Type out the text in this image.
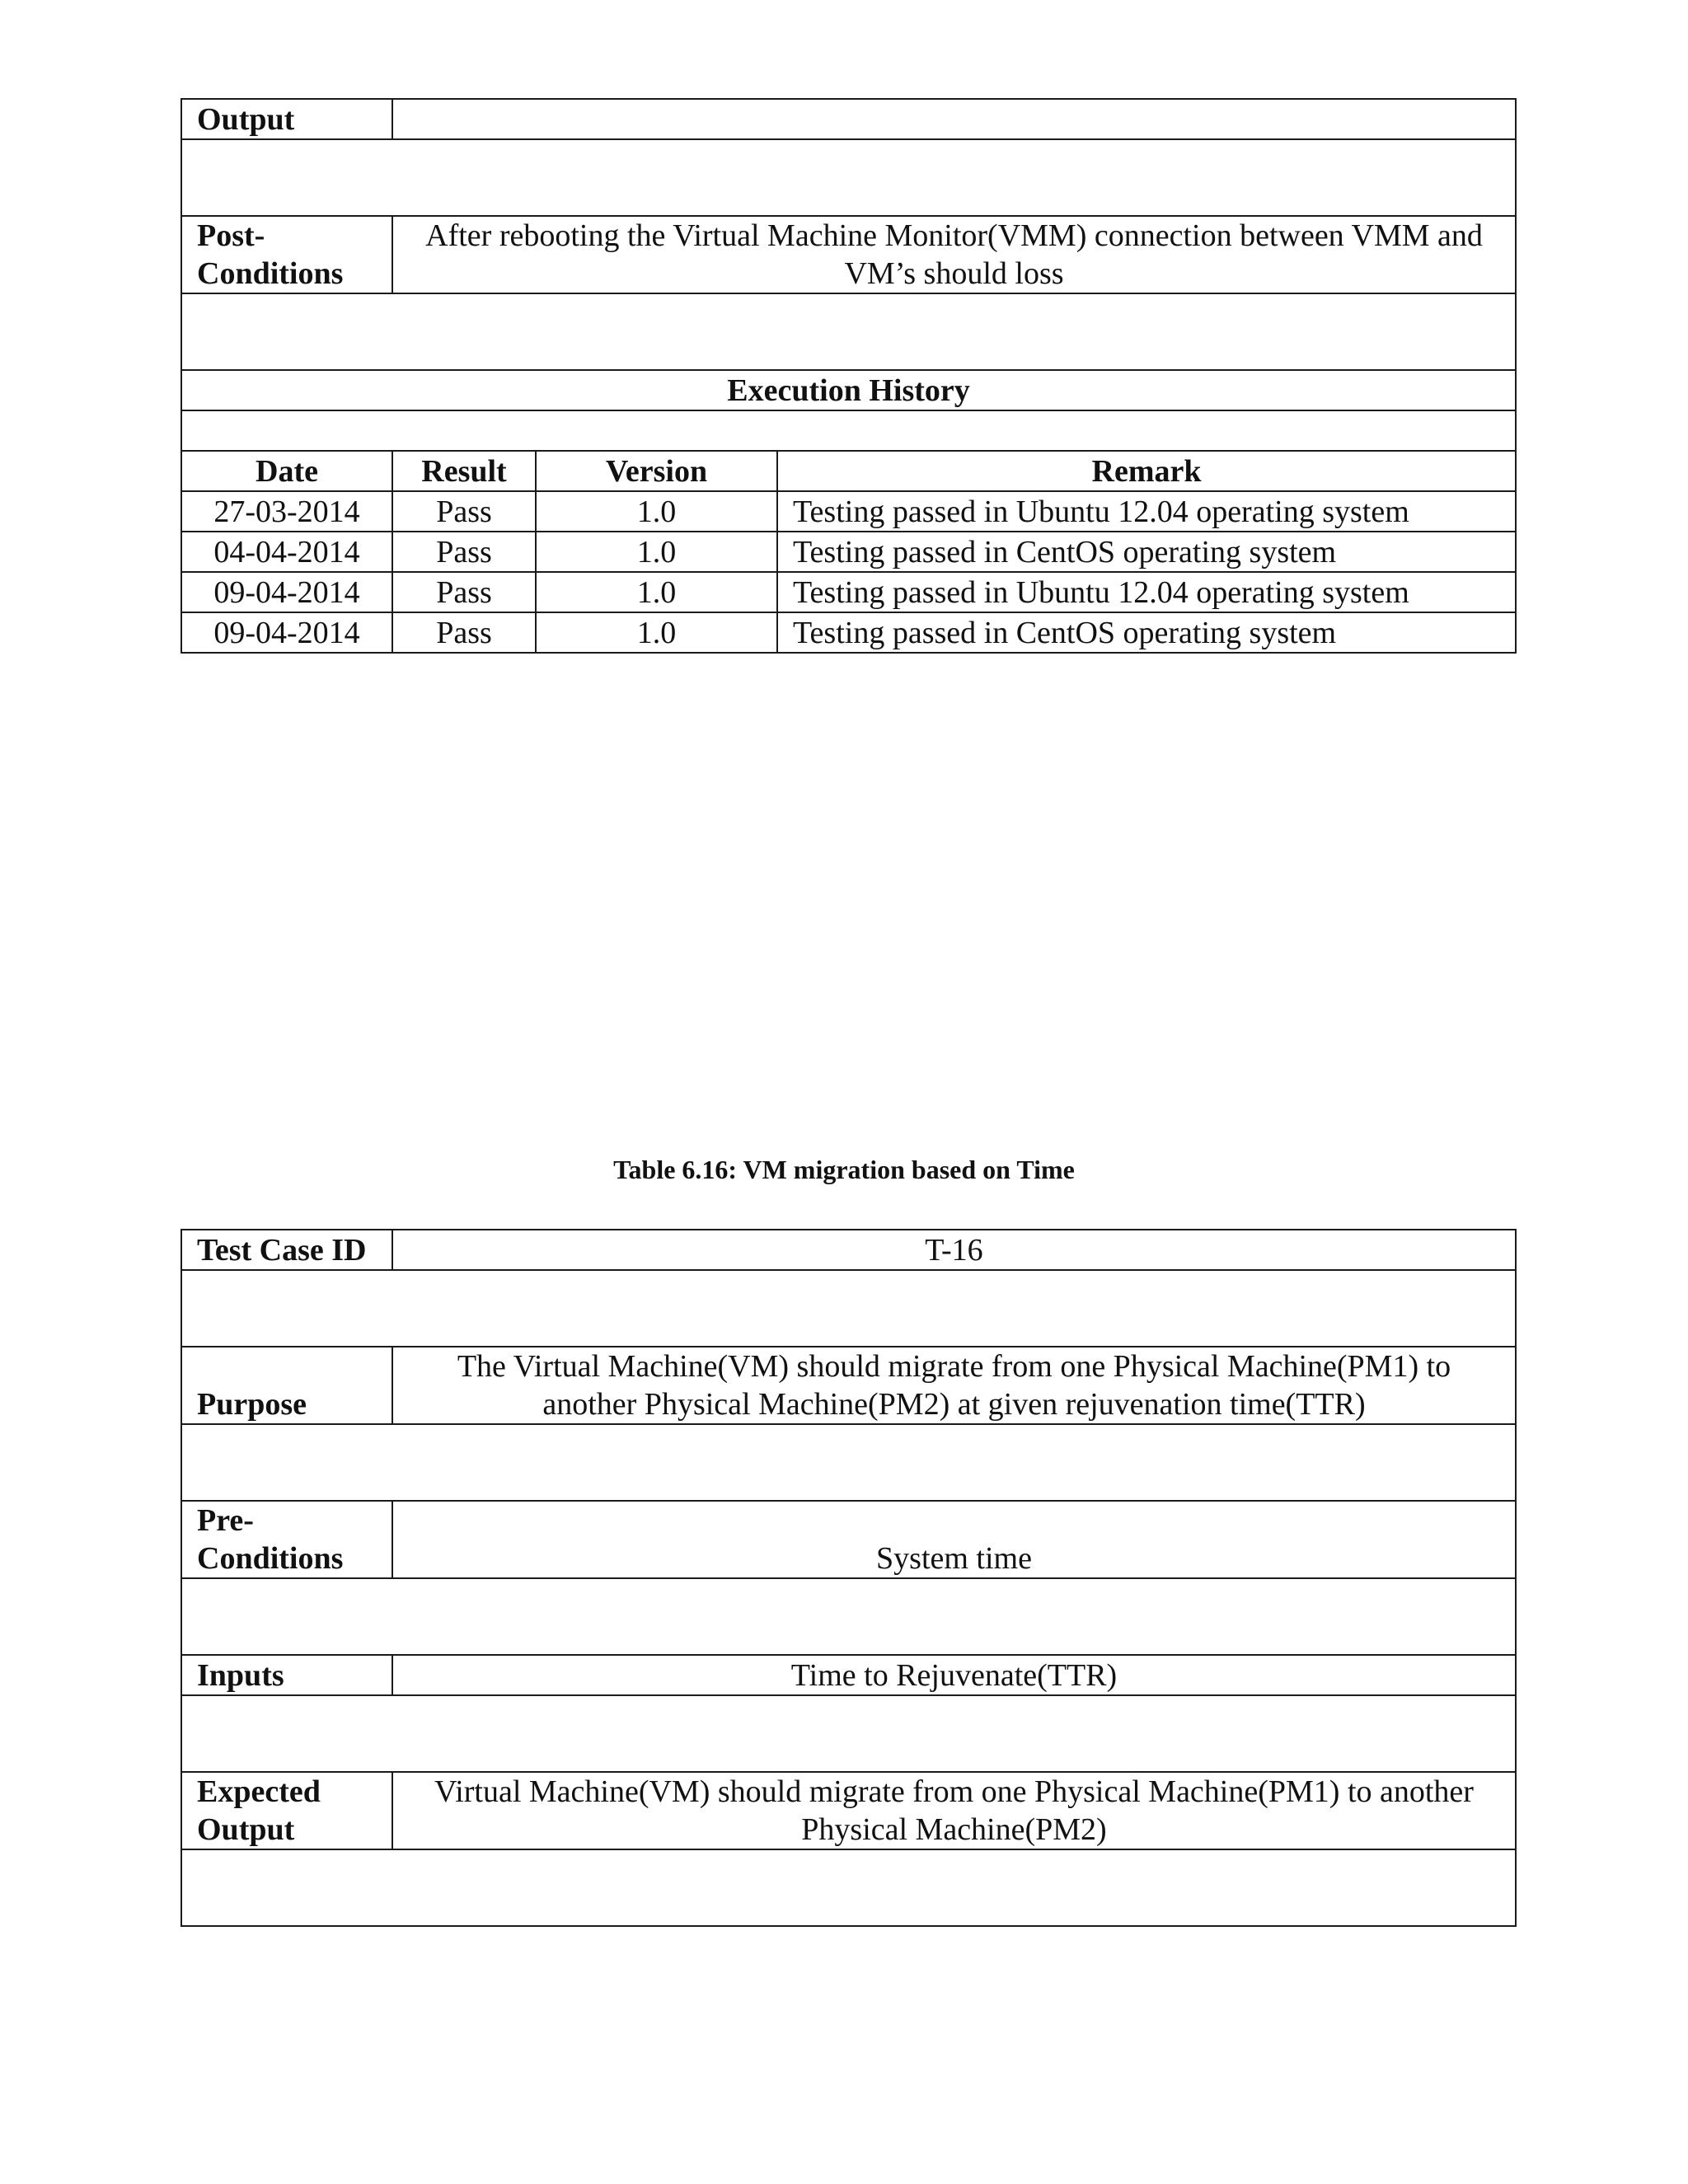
Output			

Post-
Conditions	After rebooting the Virtual Machine Monitor(VMM) connection between VMM and VM’s should loss		

Execution History			

Date	Result	Version	Remark
27-03-2014	Pass	1.0	Testing passed in Ubuntu 12.04 operating system
04-04-2014	Pass	1.0	Testing passed in CentOS operating system
09-04-2014	Pass	1.0	Testing passed in Ubuntu 12.04 operating system
09-04-2014	Pass	1.0	Testing passed in CentOS operating system
Table 6.16: VM migration based on Time
Test Case ID	T-16

Purpose	The Virtual Machine(VM) should migrate from one Physical Machine(PM1) to another Physical Machine(PM2) at given rejuvenation time(TTR)

Pre-
Conditions	System time

Inputs	Time to Rejuvenate(TTR)

Expected
Output	Virtual Machine(VM) should migrate from one Physical Machine(PM1) to another Physical Machine(PM2)
